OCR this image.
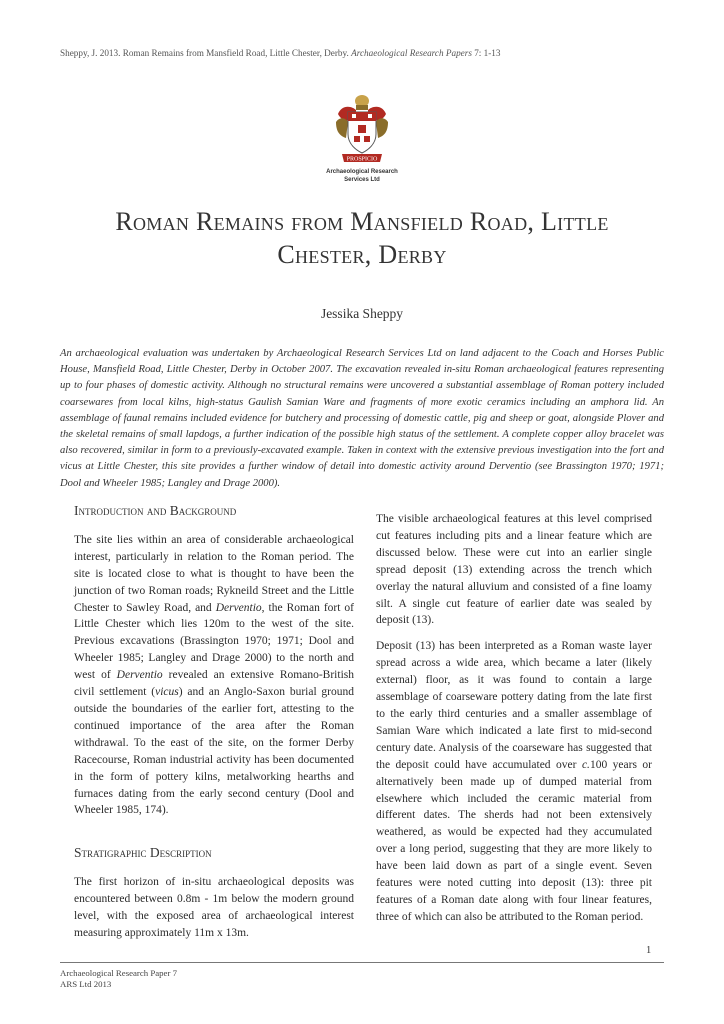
Sheppy, J. 2013. Roman Remains from Mansfield Road, Little Chester, Derby. Archaeological Research Papers 7: 1-13
PROSPICIO
Archaeological Research
Services Ltd
Roman Remains from Mansfield Road, Little
Chester, Derby
Jessika Sheppy
An archaeological evaluation was undertaken by Archaeological Research Services Ltd on land adjacent to the Coach and Horses Public House, Mansfield Road, Little Chester, Derby in October 2007. The excavation revealed in-situ Roman archaeological features representing up to four phases of domestic activity. Although no structural remains were uncovered a substantial assemblage of Roman pottery included coarsewares from local kilns, high-status Gaulish Samian Ware and fragments of more exotic ceramics including an amphora lid. An assemblage of faunal remains included evidence for butchery and processing of domestic cattle, pig and sheep or goat, alongside Plover and the skeletal remains of small lapdogs, a further indication of the possible high status of the settlement. A complete copper alloy bracelet was also recovered, similar in form to a previously-excavated example. Taken in context with the extensive previous investigation into the fort and vicus at Little Chester, this site provides a further window of detail into domestic activity around Derventio (see Brassington 1970; 1971; Dool and Wheeler 1985; Langley and Drage 2000).
Introduction and Background

The site lies within an area of considerable archaeological interest, particularly in relation to the Roman period. The site is located close to what is thought to have been the junction of two Roman roads; Rykneild Street and the Little Chester to Sawley Road, and Derventio, the Roman fort of Little Chester which lies 120m to the west of the site. Previous excavations (Brassington 1970; 1971; Dool and Wheeler 1985; Langley and Drage 2000) to the north and west of Derventio revealed an extensive Romano-British civil settlement (vicus) and an Anglo-Saxon burial ground outside the boundaries of the earlier fort, attesting to the continued importance of the area after the Roman withdrawal. To the east of the site, on the former Derby Racecourse, Roman industrial activity has been documented in the form of pottery kilns, metalworking hearths and furnaces dating from the early second century (Dool and Wheeler 1985, 174).

Stratigraphic Description

The first horizon of in-situ archaeological deposits was encountered between 0.8m - 1m below the modern ground level, with the exposed area of archaeological interest measuring approximately 11m x 13m.

The visible archaeological features at this level comprised cut features including pits and a linear feature which are discussed below. These were cut into an earlier single spread deposit (13) extending across the trench which overlay the natural alluvium and consisted of a fine loamy silt. A single cut feature of earlier date was sealed by deposit (13).

Deposit (13) has been interpreted as a Roman waste layer spread across a wide area, which became a later (likely external) floor, as it was found to contain a large assemblage of coarseware pottery dating from the late first to the early third centuries and a smaller assemblage of Samian Ware which indicated a late first to mid-second century date. Analysis of the coarseware has suggested that the deposit could have accumulated over c.100 years or alternatively been made up of dumped material from elsewhere which included the ceramic material from different dates. The sherds had not been extensively weathered, as would be expected had they accumulated over a long period, suggesting that they are more likely to have been laid down as part of a single event. Seven features were noted cutting into deposit (13): three pit features of a Roman date along with four linear features, three of which can also be attributed to the Roman period.

1
Archaeological Research Paper 7
ARS Ltd 2013
